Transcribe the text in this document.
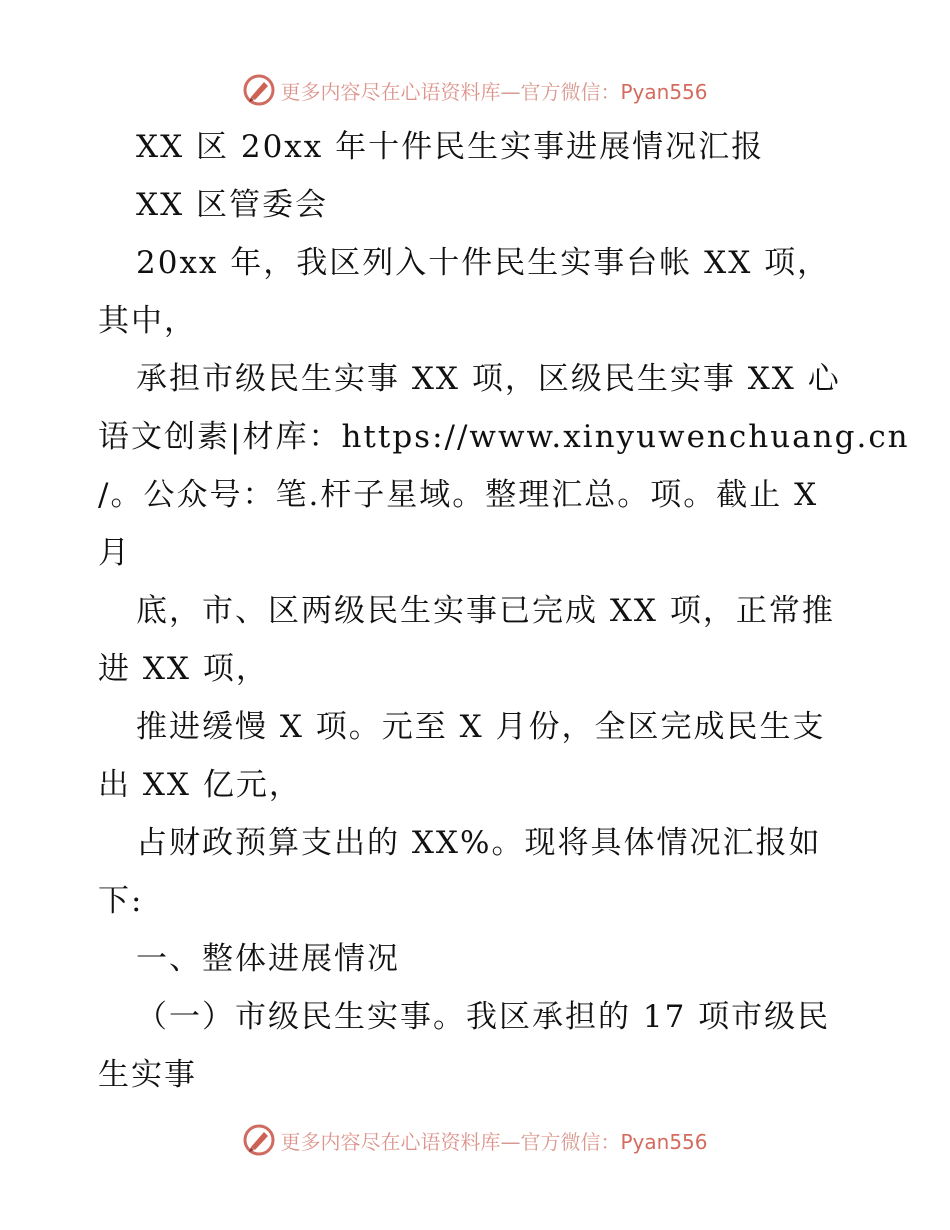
更多内容尽在心语资料库—官方微信：Pyan556
XX 区 20xx 年十件民生实事进展情况汇报
XX 区管委会
20xx 年，我区列入十件民生实事台帐 XX 项，
其中，
承担市级民生实事 XX 项，区级民生实事 XX 心
语文创素|材库：https://www.xinyuwenchuang.cn
/。公众号：笔.杆子星域。整理汇总。项。截止 X
月
底，市、区两级民生实事已完成 XX 项，正常推
进 XX 项，
推进缓慢 X 项。元至 X 月份，全区完成民生支
出 XX 亿元，
占财政预算支出的 XX%。现将具体情况汇报如
下:
一、整体进展情况
（一）市级民生实事。我区承担的 17 项市级民
生实事
更多内容尽在心语资料库—官方微信：Pyan556
